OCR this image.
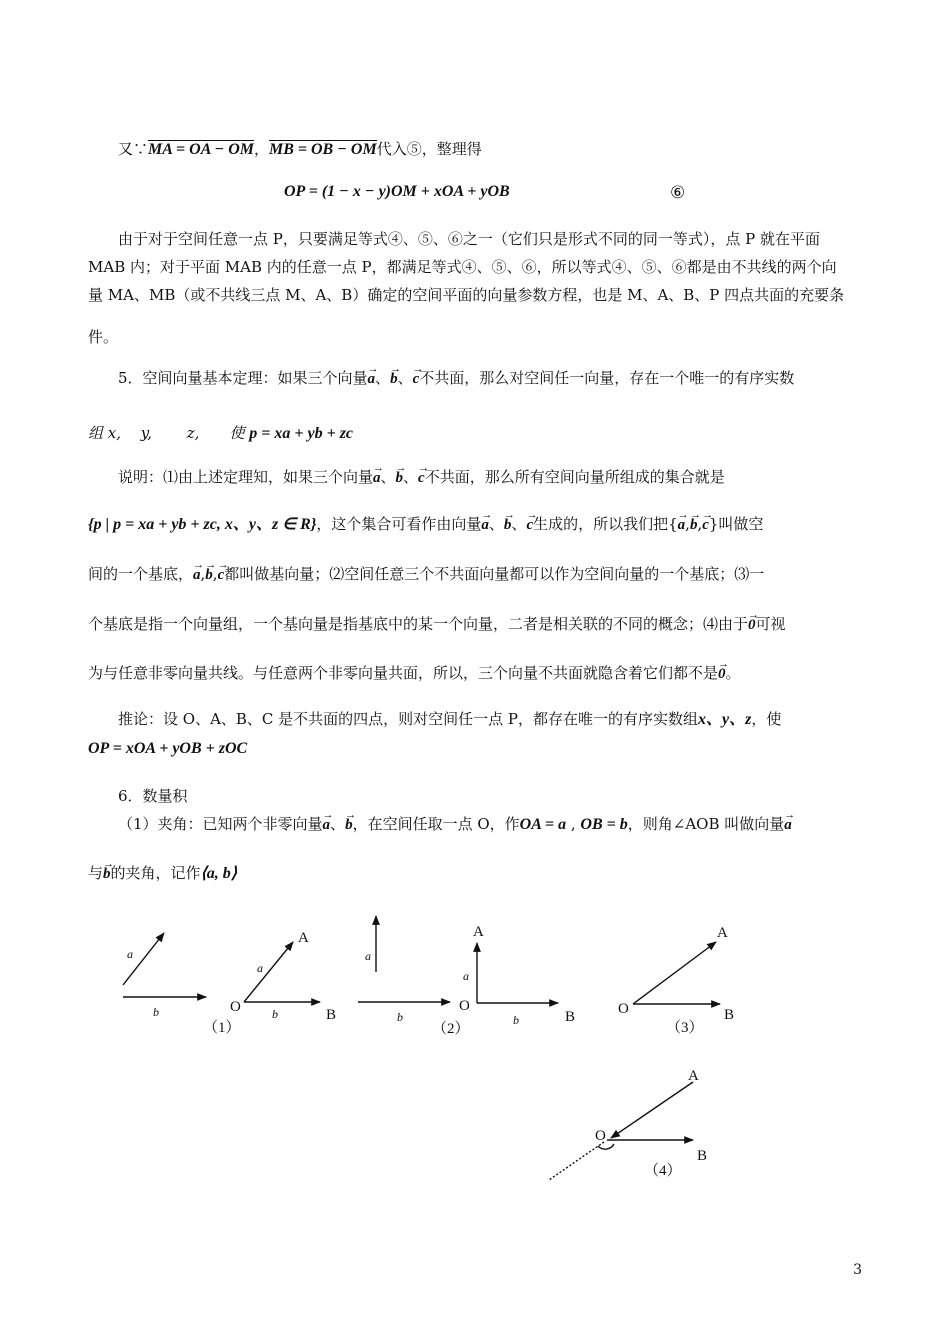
又∵MA = OA − OM，MB = OB − OM代入⑤，整理得
OP = (1 − x − y)OM + xOA + yOB	⑥
由于对于空间任意一点 P，只要满足等式④、⑤、⑥之一（它们只是形式不同的同一等式），点 P 就在平面
MAB 内；对于平面 MAB 内的任意一点 P，都满足等式④、⑤、⑥，所以等式④、⑤、⑥都是由不共线的两个向
量 MA、MB（或不共线三点 M、A、B）确定的空间平面的向量参数方程，也是 M、A、B、P 四点共面的充要条
件。
5．空间向量基本定理：如果三个向量→ a、→ b、→ c不共面，那么对空间任一向量，存在一个唯一的有序实数
组 x,　 y,　　 z,　　使 p = xa + yb + zc
说明：⑴由上述定理知，如果三个向量→ a、→ b、→ c不共面，那么所有空间向量所组成的集合就是
{p | p = xa + yb + zc, x、y、z ∈ R}，这个集合可看作由向量→ a、→ b、→ c生成的，所以我们把{→ a,→ b,→ c}叫做空
间的一个基底，→ a,→ b,→ c都叫做基向量；⑵空间任意三个不共面向量都可以作为空间向量的一个基底；⑶一
个基底是指一个向量组，一个基向量是指基底中的某一个向量，二者是相关联的不同的概念；⑷由于→ 0可视
为与任意非零向量共线。与任意两个非零向量共面，所以，三个向量不共面就隐含着它们都不是→ 0。
推论：设 O、A、B、C 是不共面的四点，则对空间任一点 P，都存在唯一的有序实数组x、y、z，使
OP = xOA + yOB + zOC
6．数量积
（1）夹角：已知两个非零向量→ a、→ b，在空间任取一点 O，作OA = a , OB = b，则角∠AOB 叫做向量→ a
与→ b的夹角，记作⟨a, b⟩
a
b
a
b
O
A
B
（1）
a
b
a
b
O
A
B
（2）
O
A
B
（3）
O
A
B
（4）
3
